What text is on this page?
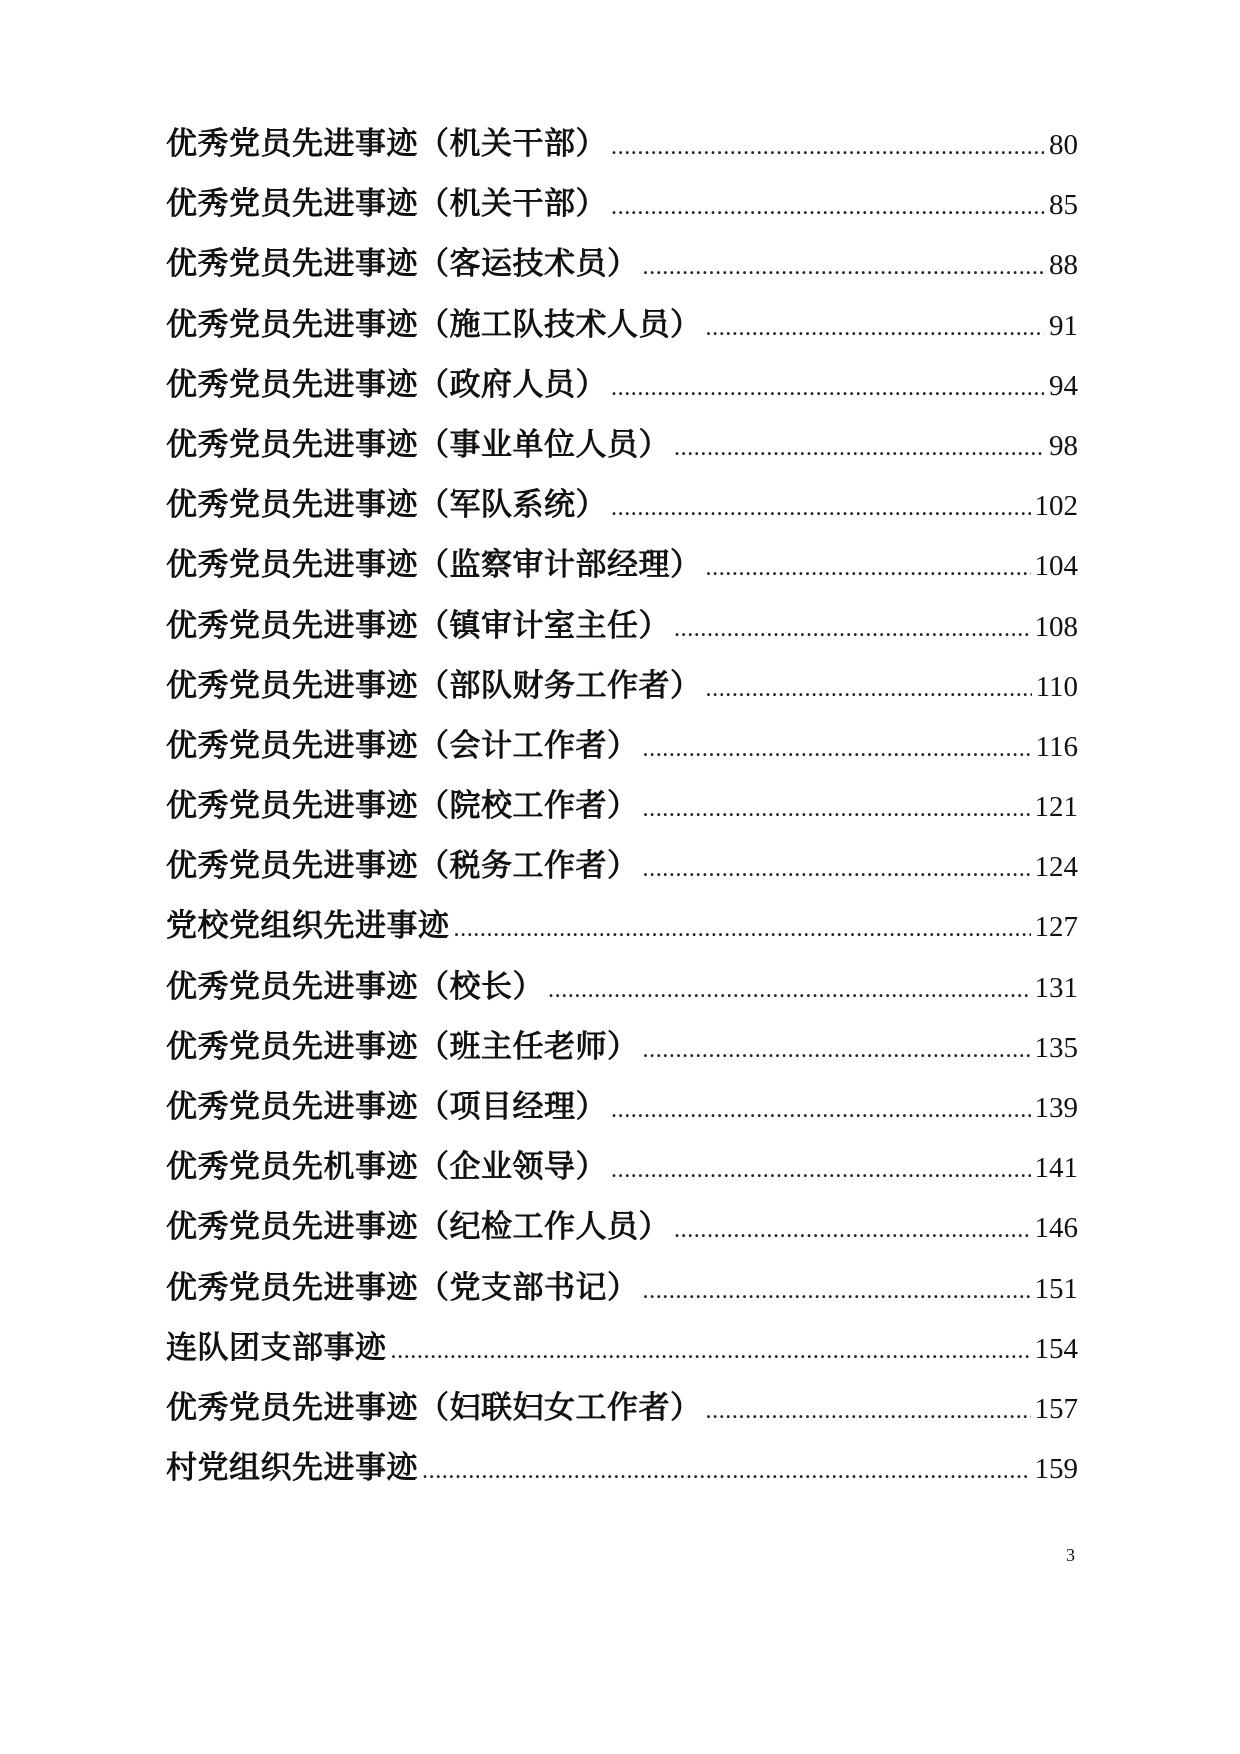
优秀党员先进事迹（机关干部） .....	80
优秀党员先进事迹（机关干部） .....	85
优秀党员先进事迹（客运技术员） .....	88
优秀党员先进事迹（施工队技术人员） .....	91
优秀党员先进事迹（政府人员） .....	94
优秀党员先进事迹（事业单位人员） .....	98
优秀党员先进事迹（军队系统） .....	102
优秀党员先进事迹（监察审计部经理） .....	104
优秀党员先进事迹（镇审计室主任） .....	108
优秀党员先进事迹（部队财务工作者） .....	110
优秀党员先进事迹（会计工作者） .....	116
优秀党员先进事迹（院校工作者） .....	121
优秀党员先进事迹（税务工作者） .....	124
党校党组织先进事迹 .....	127
优秀党员先进事迹（校长） .....	131
优秀党员先进事迹（班主任老师） .....	135
优秀党员先进事迹（项目经理） .....	139
优秀党员先机事迹（企业领导） .....	141
优秀党员先进事迹（纪检工作人员） .....	146
优秀党员先进事迹（党支部书记） .....	151
连队团支部事迹 .....	154
优秀党员先进事迹（妇联妇女工作者） .....	157
村党组织先进事迹 .....	159
3
